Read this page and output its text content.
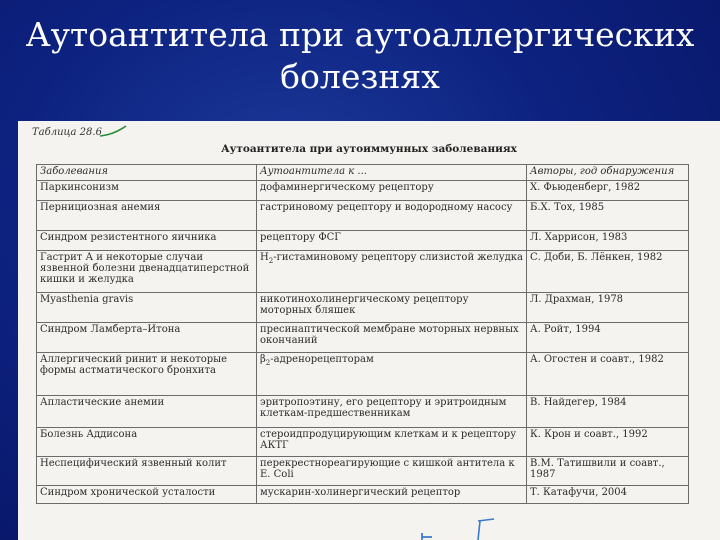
Аутоантитела при аутоаллергических
болезнях
Таблица 28.6
Аутоантитела при аутоиммунных заболеваниях
Заболевания	Аутоантитела к ...	Авторы, год обнаружения
Паркинсонизм	дофаминергическому рецептору	Х. Фьюденберг, 1982
Пернициозная анемия	гастриновому рецептору и водородному насосу	Б.Х. Тох, 1985
Синдром резистентного яичника	рецептору ФСГ	Л. Харрисон, 1983
Гастрит А и некоторые случаи язвенной болезни двенадцатиперстной кишки и желудка	$Н_2$-гистаминовому рецептору слизистой желудка	С. Доби, Б. Лёнкен, 1982
Myasthenia gravis	никотинохолинергическому рецептору моторных бляшек	Л. Драхман, 1978
Синдром Ламберта–Итона	пресинаптической мембране моторных нервных окончаний	А. Ройт, 1994
Аллергический ринит и некоторые формы астматического бронхита	$\beta_2$-адренорецепторам	А. Огостен и соавт., 1982
Апластические анемии	эритропоэтину, его рецептору и эритроидным клеткам-предшественникам	В. Найдегер, 1984
Болезнь Аддисона	стероидпродуцирующим клеткам и к рецептору АКТГ	К. Крон и соавт., 1992
Неспецифический язвенный колит	перекрестнореагирующие с кишкой антитела к E. Coli	В.М. Татишвили и соавт., 1987
Синдром хронической усталости	мускарин-холинергический рецептор	Т. Катафучи, 2004
